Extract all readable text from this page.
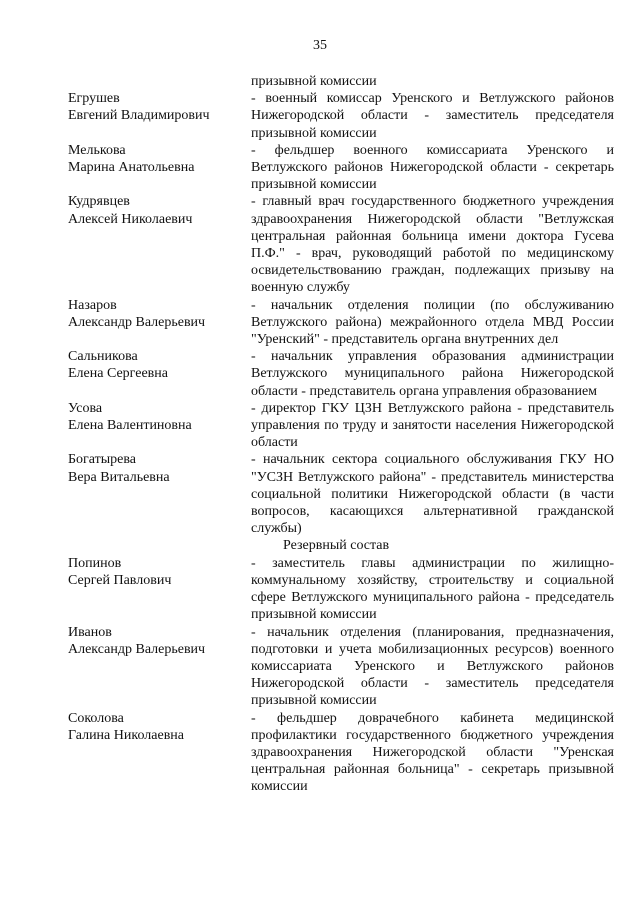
35
призывной комиссии
Егрушев
Евгений Владимирович
- военный комиссар Уренского и Ветлужского районов Нижегородской области - заместитель председателя призывной комиссии
Мелькова
Марина Анатольевна
- фельдшер военного комиссариата Уренского и Ветлужского районов Нижегородской области - секретарь призывной комиссии
Кудрявцев
Алексей Николаевич
- главный врач государственного бюджетного учреждения здравоохранения Нижегородской области "Ветлужская центральная районная больница имени доктора Гусева П.Ф." - врач, руководящий работой по медицинскому освидетельствованию граждан, подлежащих призыву на военную службу
Назаров
Александр Валерьевич
- начальник отделения полиции (по обслуживанию Ветлужского района) межрайонного отдела МВД России "Уренский" - представитель органа внутренних дел
Сальникова
Елена Сергеевна
- начальник управления образования администрации Ветлужского муниципального района Нижегородской области - представитель органа управления образованием
Усова
Елена Валентиновна
- директор ГКУ ЦЗН Ветлужского района - представитель управления по труду и занятости населения Нижегородской области
Богатырева
Вера Витальевна
- начальник сектора социального обслуживания ГКУ НО "УСЗН Ветлужского района" - представитель министерства социальной политики Нижегородской области (в части вопросов, касающихся альтернативной гражданской службы)
Резервный состав
Попинов
Сергей Павлович
- заместитель главы администрации по жилищно-коммунальному хозяйству, строительству и социальной сфере Ветлужского муниципального района - председатель призывной комиссии
Иванов
Александр Валерьевич
- начальник отделения (планирования, предназначения, подготовки и учета мобилизационных ресурсов) военного комиссариата Уренского и Ветлужского районов Нижегородской области - заместитель председателя призывной комиссии
Соколова
Галина Николаевна
- фельдшер доврачебного кабинета медицинской профилактики государственного бюджетного учреждения здравоохранения Нижегородской области "Уренская центральная районная больница" - секретарь призывной комиссии
